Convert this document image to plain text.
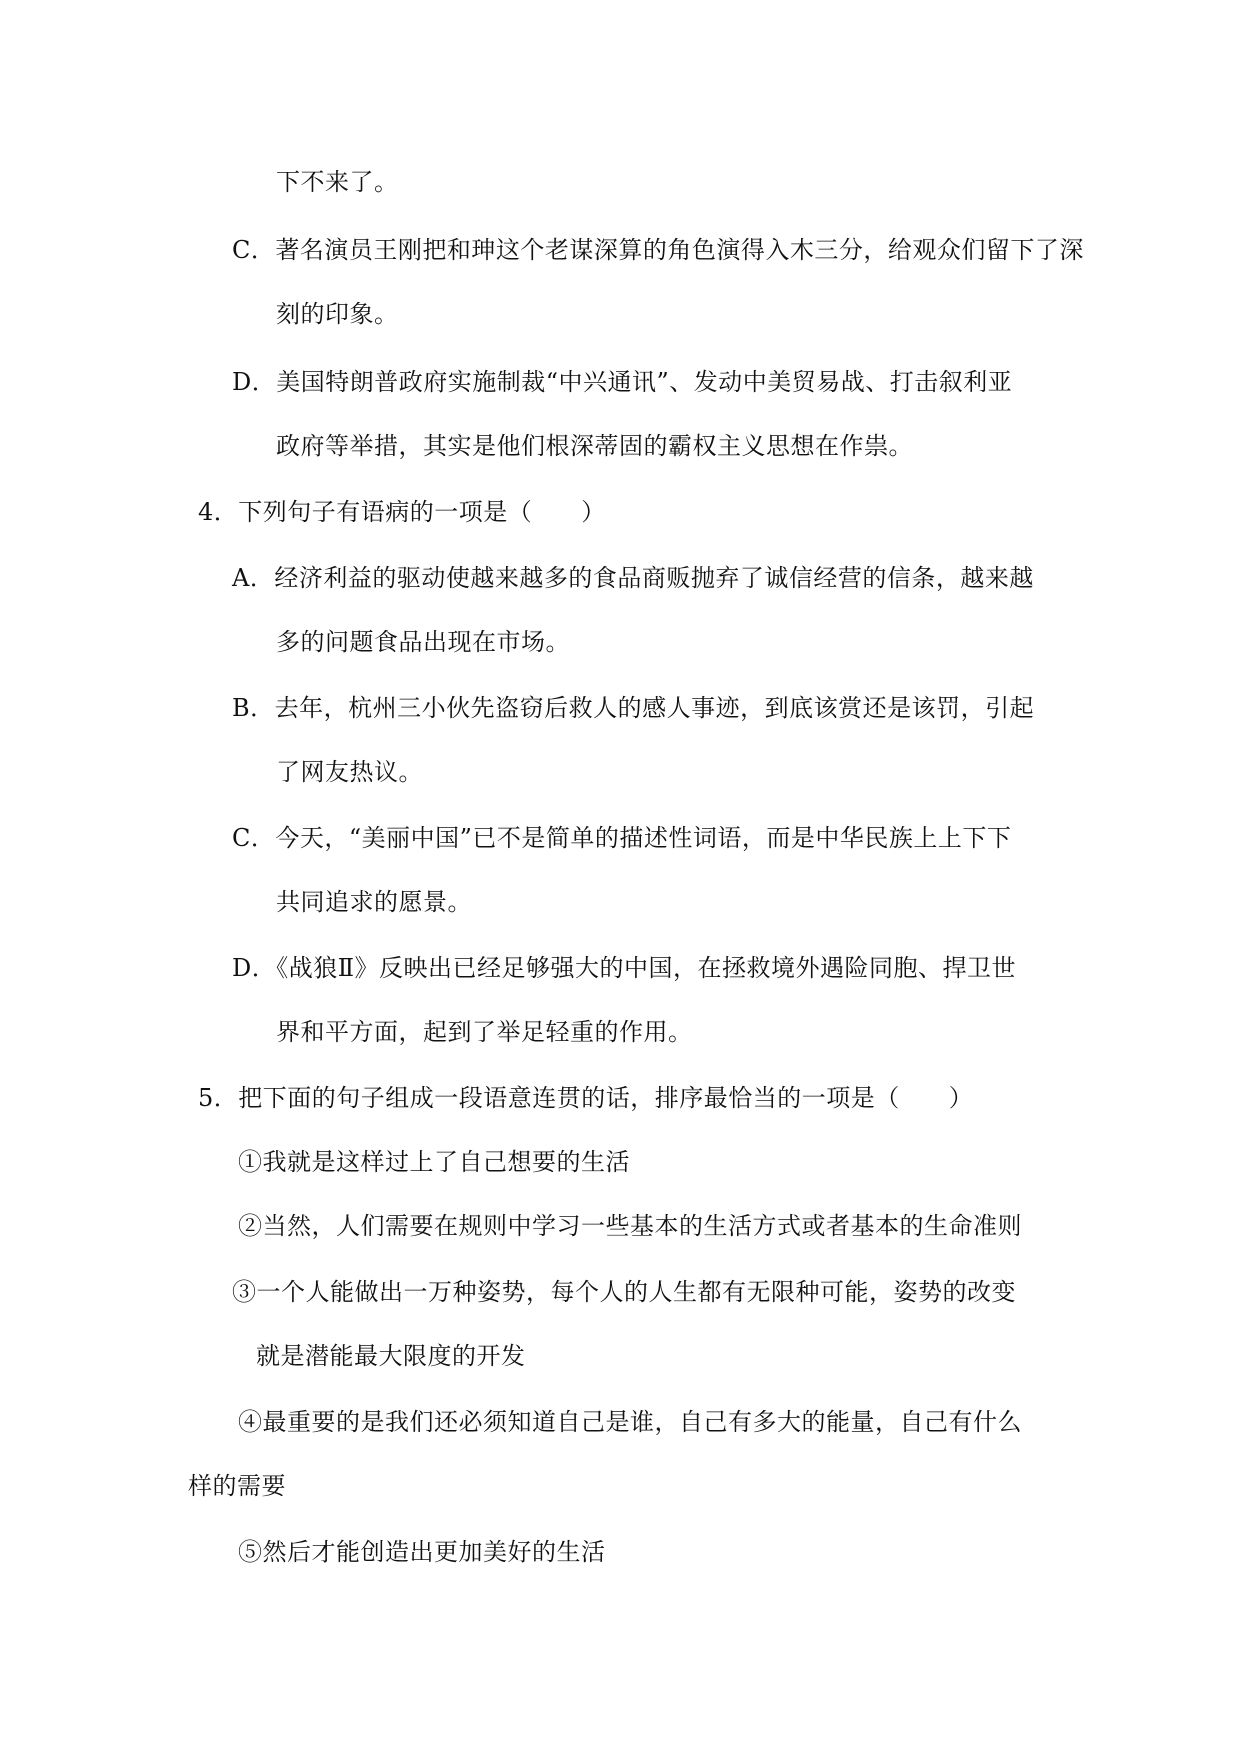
下不来了。
C．著名演员王刚把和珅这个老谋深算的角色演得入木三分，给观众们留下了深
刻的印象。
D．美国特朗普政府实施制裁“中兴通讯”、发动中美贸易战、打击叙利亚
政府等举措，其实是他们根深蒂固的霸权主义思想在作祟。
4．下列句子有语病的一项是（　　）
A．经济利益的驱动使越来越多的食品商贩抛弃了诚信经营的信条，越来越
多的问题食品出现在市场。
B．去年，杭州三小伙先盗窃后救人的感人事迹，到底该赏还是该罚，引起
了网友热议。
C．今天，“美丽中国”已不是简单的描述性词语，而是中华民族上上下下
共同追求的愿景。
D．《战狼Ⅱ》反映出已经足够强大的中国，在拯救境外遇险同胞、捍卫世
界和平方面，起到了举足轻重的作用。
5．把下面的句子组成一段语意连贯的话，排序最恰当的一项是（　　）
①我就是这样过上了自己想要的生活
②当然，人们需要在规则中学习一些基本的生活方式或者基本的生命准则
③一个人能做出一万种姿势，每个人的人生都有无限种可能，姿势的改变
就是潜能最大限度的开发
④最重要的是我们还必须知道自己是谁，自己有多大的能量，自己有什么
样的需要
⑤然后才能创造出更加美好的生活
